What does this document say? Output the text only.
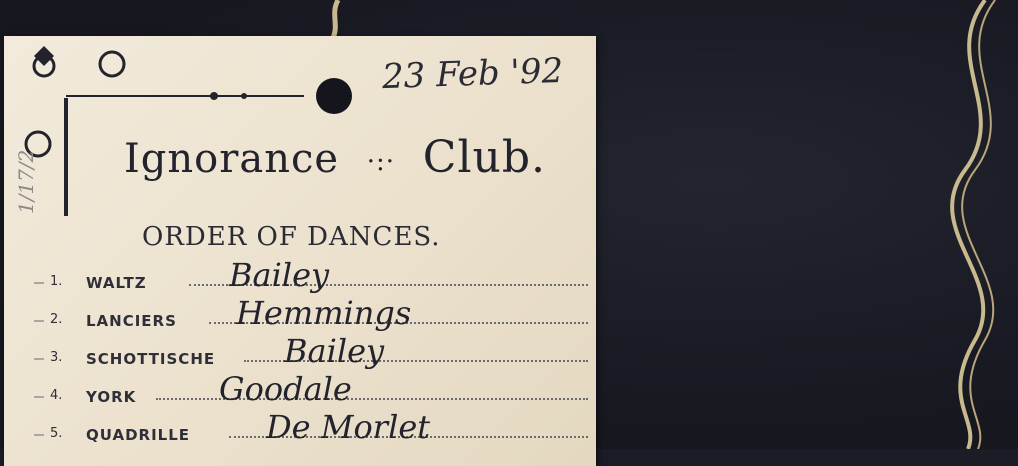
23 Feb '92
1/17/2 Ignorance ·:· Club.
ORDER OF DANCES.
1. WALTZ	Bailey
2. LANCIERS Hemmings
3. SCHOTTISCHE Bailey
4. YORK	Goodale
5. QUADRILLE De Morlet
